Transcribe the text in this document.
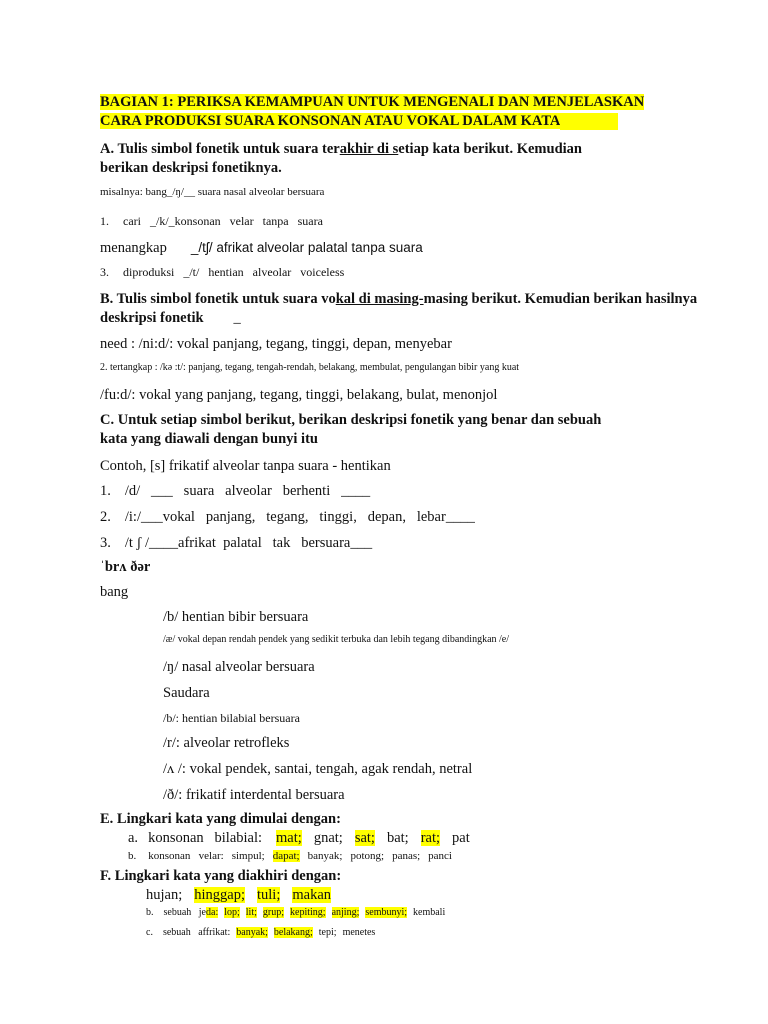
BAGIAN 1: PERIKSA KEMAMPUAN UNTUK MENGENALI DAN MENJELASKAN
CARA PRODUKSI SUARA KONSONAN ATAU VOKAL DALAM KATA
A. Tulis simbol fonetik untuk suara terakhir di setiap kata berikut. Kemudian
berikan deskripsi fonetiknya.
misalnya: bang_/ŋ/__ suara nasal alveolar bersuara
1. cari   _/k/_konsonan   velar   tanpa   suara
menangkap _/tʃ/ afrikat alveolar palatal tanpa suara
3. diproduksi   _/t/   hentian   alveolar   voiceless
B. Tulis simbol fonetik untuk suara vokal di masing-masing berikut. Kemudian berikan hasilnya
deskripsi fonetik _
need : /ni:d/: vokal panjang, tegang, tinggi, depan, menyebar
2. tertangkap : /kə :t/: panjang, tegang, tengah-rendah, belakang, membulat, pengulangan bibir yang kuat
/fu:d/: vokal yang panjang, tegang, tinggi, belakang, bulat, menonjol
C. Untuk setiap simbol berikut, berikan deskripsi fonetik yang benar dan sebuah
kata yang diawali dengan bunyi itu
Contoh, [s] frikatif alveolar tanpa suara - hentikan
1. /d/   ___   suara   alveolar   berhenti   ____
2. /i:/___vokal   panjang,   tegang,   tinggi,   depan,   lebar____
3. /t ʃ /____afrikat  palatal   tak   bersuara___
ˈbrʌ ðər
bang
/b/ hentian bibir bersuara
/æ/ vokal depan rendah pendek yang sedikit terbuka dan lebih tegang dibandingkan /e/
/ŋ/ nasal alveolar bersuara
Saudara
/b/: hentian bilabial bersuara
/r/: alveolar retrofleks
/ʌ /: vokal pendek, santai, tengah, agak rendah, netral
/ð/: frikatif interdental bersuara
E. Lingkari kata yang dimulai dengan:
a. konsonan   bilabial: mat; gnat; sat; bat; rat; pat
b. konsonan   velar: simpul; dapat; banyak; potong; panas; panci
F. Lingkari kata yang diakhiri dengan:
hujan; hinggap; tuli; makan
b. sebuah   jeda: lop; lit; grup; kepiting; anjing; sembunyi; kembali
c. sebuah   affrikat: banyak; belakang; tepi; menetes
